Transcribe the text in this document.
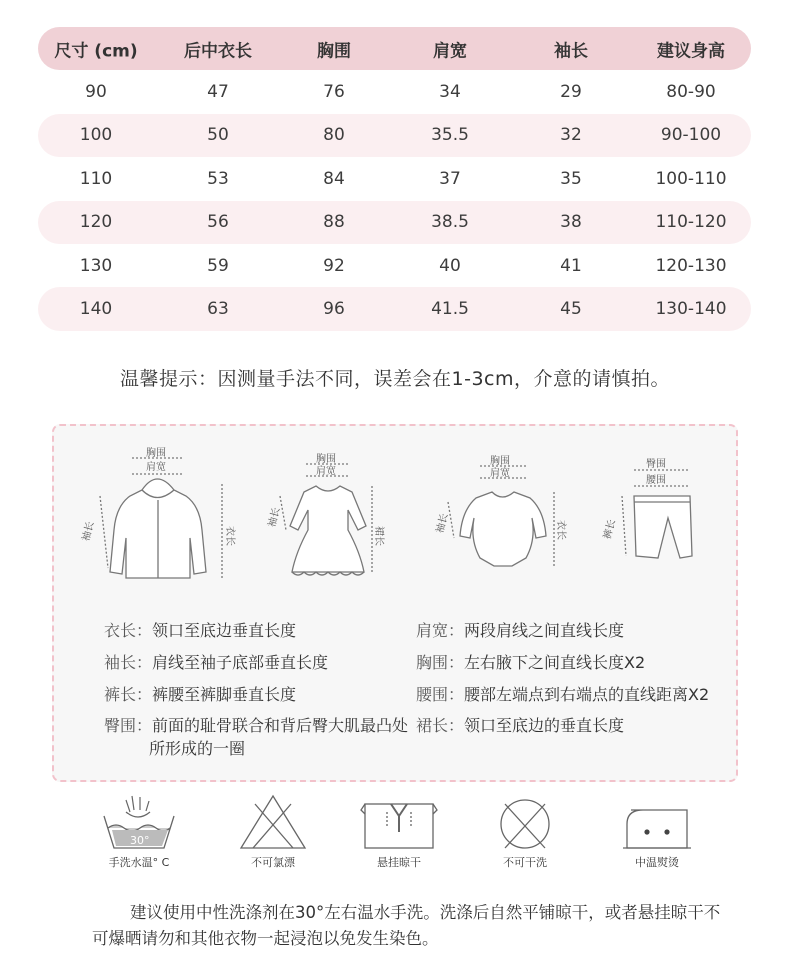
尺寸 (cm)	后中衣长	胸围	肩宽	袖长	建议身高
90	47	76	34	29	80-90
100	50	80	35.5	32	90-100
110	53	84	37	35	100-110
120	56	88	38.5	38	110-120
130	59	92	40	41	120-130
140	63	96	41.5	45	130-140
温馨提示：因测量手法不同，误差会在1-3cm，介意的请慎拍。
胸围
肩宽
袖长	衣长
胸围
肩宽
袖长
裙长
胸围
肩宽
袖长	衣长
臀围
腰围
裤长
衣长：领口至底边垂直长度
袖长：肩线至袖子底部垂直长度
裤长：裤腰至裤脚垂直长度
臀围：前面的耻骨联合和背后臀大肌最凸处
所形成的一圈
肩宽：两段肩线之间直线长度
胸围：左右腋下之间直线长度X2
腰围：腰部左端点到右端点的直线距离X2
裙长：领口至底边的垂直长度
30°
手洗水温° C	不可氯漂	悬挂晾干	不可干洗	中温熨烫
建议使用中性洗涤剂在30°左右温水手洗。洗涤后自然平铺晾干，或者悬挂晾干不可爆晒请勿和其他衣物一起浸泡以免发生染色。
